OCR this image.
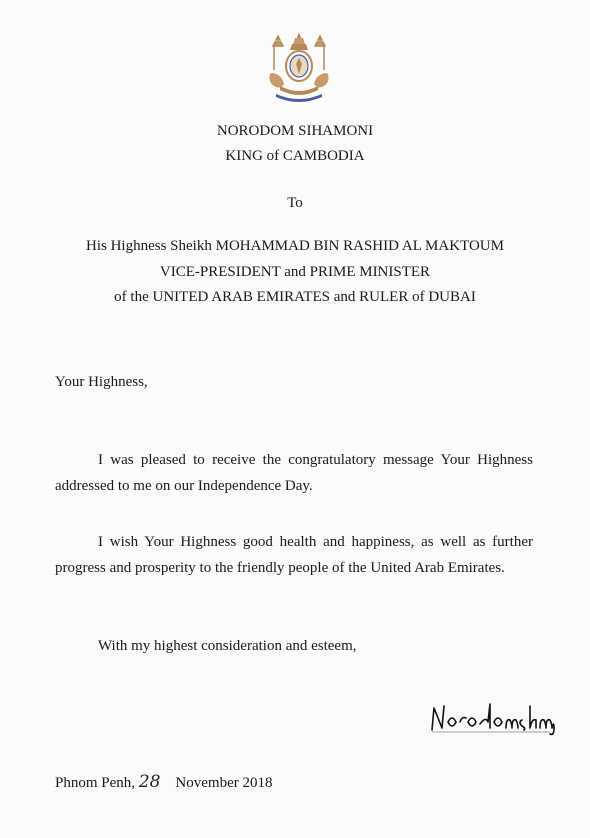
NORODOM SIHAMONI
KING of CAMBODIA
To
His Highness Sheikh MOHAMMAD BIN RASHID AL MAKTOUM
VICE-PRESIDENT and PRIME MINISTER
of the UNITED ARAB EMIRATES and RULER of DUBAI
Your Highness,
I was pleased to receive the congratulatory message Your Highness addressed to me on our Independence Day.
I wish Your Highness good health and happiness, as well as further progress and prosperity to the friendly people of the United Arab Emirates.
With my highest consideration and esteem,
Phnom Penh, 28 November 2018
